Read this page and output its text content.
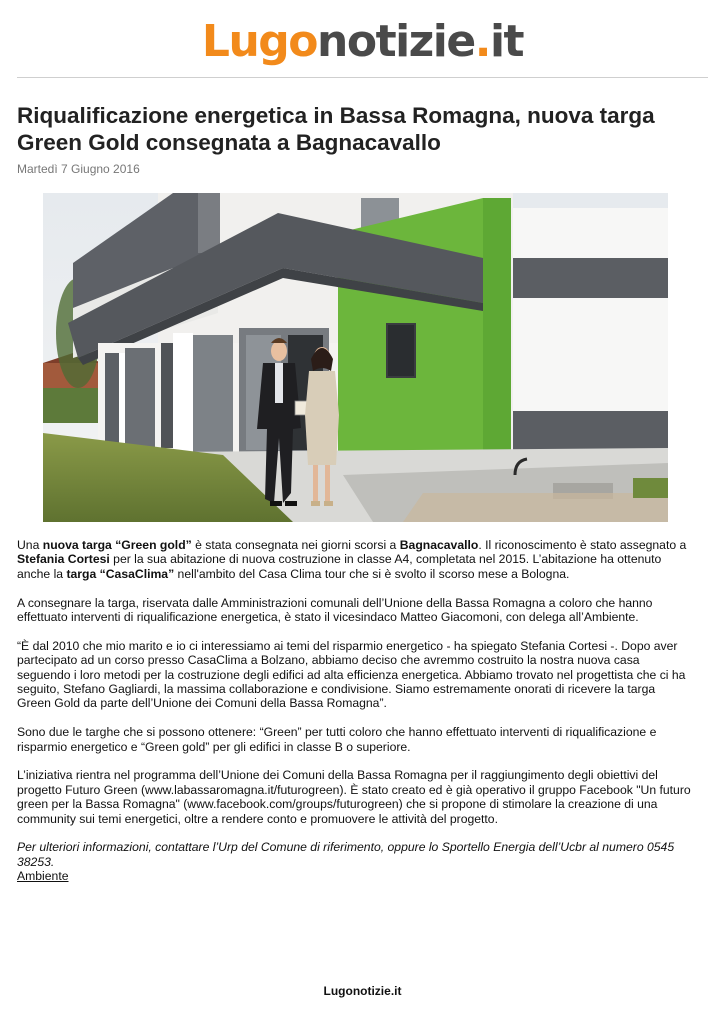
Lugonotizie.it
Riqualificazione energetica in Bassa Romagna, nuova targa Green Gold consegnata a Bagnacavallo
Martedì 7 Giugno 2016

Una nuova targa “Green gold” è stata consegnata nei giorni scorsi a Bagnacavallo. Il riconoscimento è stato assegnato a Stefania Cortesi per la sua abitazione di nuova costruzione in classe A4, completata nel 2015. L’abitazione ha ottenuto anche la targa “CasaClima” nell'ambito del Casa Clima tour che si è svolto il scorso mese a Bologna.

A consegnare la targa, riservata dalle Amministrazioni comunali dell’Unione della Bassa Romagna a coloro che hanno effettuato interventi di riqualificazione energetica, è stato il vicesindaco Matteo Giacomoni, con delega all’Ambiente.

“È dal 2010 che mio marito e io ci interessiamo ai temi del risparmio energetico - ha spiegato Stefania Cortesi -. Dopo aver partecipato ad un corso presso CasaClima a Bolzano, abbiamo deciso che avremmo costruito la nostra nuova casa seguendo i loro metodi per la costruzione degli edifici ad alta efficienza energetica. Abbiamo trovato nel progettista che ci ha seguito, Stefano Gagliardi, la massima collaborazione e condivisione. Siamo estremamente onorati di ricevere la targa Green Gold da parte dell’Unione dei Comuni della Bassa Romagna”.

Sono due le targhe che si possono ottenere: “Green” per tutti coloro che hanno effettuato interventi di riqualificazione e risparmio energetico e “Green gold” per gli edifici in classe B o superiore.

L’iniziativa rientra nel programma dell’Unione dei Comuni della Bassa Romagna per il raggiungimento degli obiettivi del progetto Futuro Green (www.labassaromagna.it/futurogreen). È stato creato ed è già operativo il gruppo Facebook "Un futuro green per la Bassa Romagna" (www.facebook.com/groups/futurogreen) che si propone di stimolare la creazione di una community sui temi energetici, oltre a rendere conto e promuovere le attività del progetto.

Per ulteriori informazioni, contattare l’Urp del Comune di riferimento, oppure lo Sportello Energia dell’Ucbr al numero 0545 38253.

Ambiente
Lugonotizie.it
